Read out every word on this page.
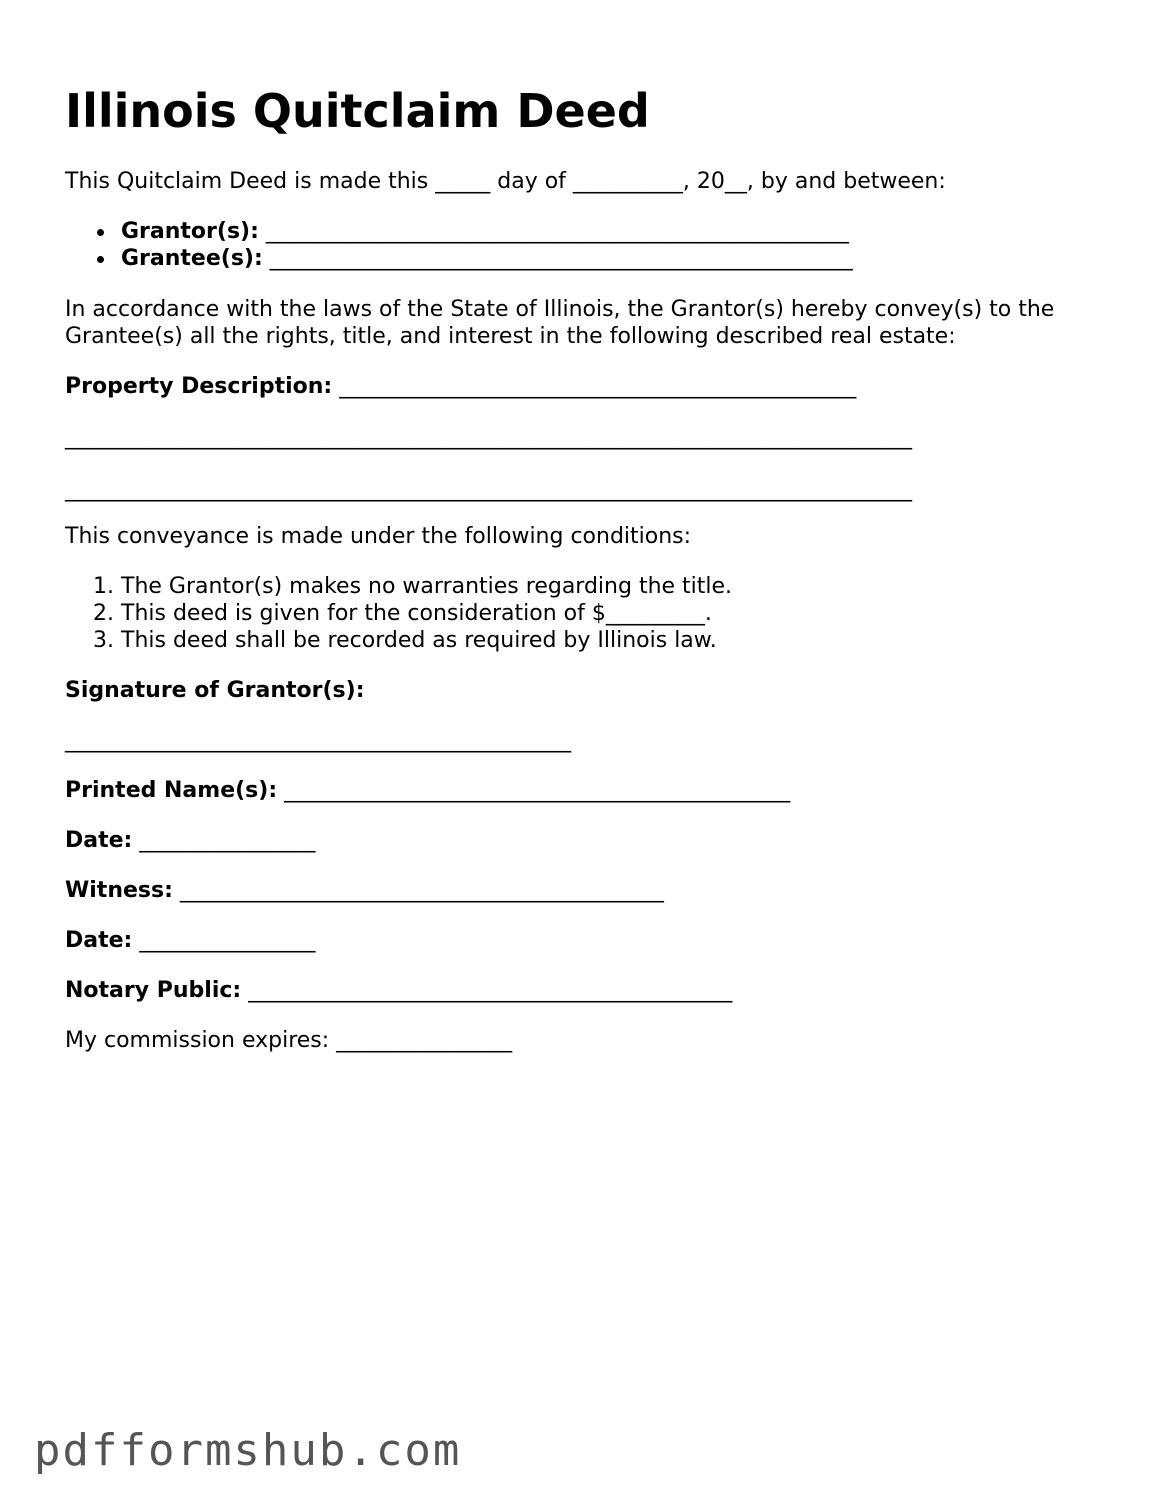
Illinois Quitclaim Deed
This Quitclaim Deed is made this _____ day of __________, 20__, by and between:
Grantor(s): _____________________________________________________
Grantee(s): _____________________________________________________

In accordance with the laws of the State of Illinois, the Grantor(s) hereby convey(s) to the Grantee(s) all the rights, title, and interest in the following described real estate:

Property Description: _______________________________________________
_____________________________________________________________________________
_____________________________________________________________________________
This conveyance is made under the following conditions:
1. The Grantor(s) makes no warranties regarding the title.
2. This deed is given for the consideration of $_________.
3. This deed shall be recorded as required by Illinois law.
Signature of Grantor(s):
______________________________________________
Printed Name(s): ______________________________________________
Date: ________________
Witness: ____________________________________________
Date: ________________
Notary Public: ____________________________________________
My commission expires: ________________
pdfformshub.com
